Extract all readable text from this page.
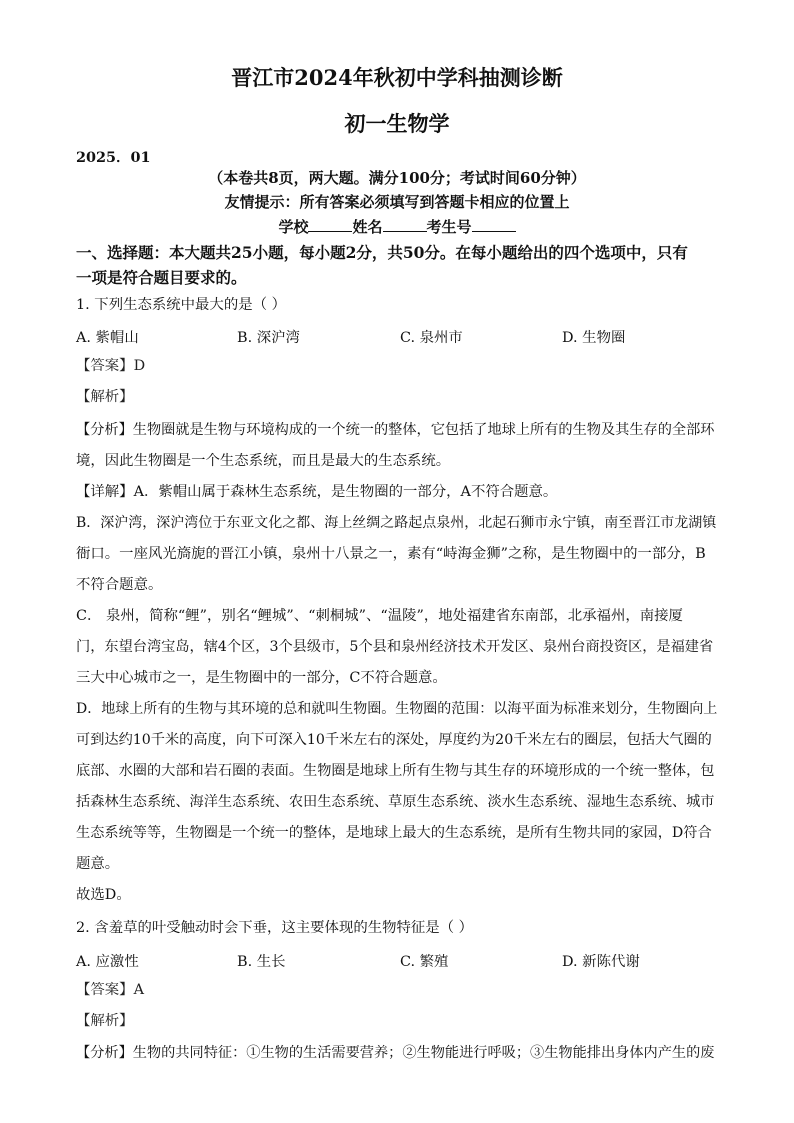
晋江市2024年秋初中学科抽测诊断
初一生物学
2025．01
（本卷共8页，两大题。满分100分；考试时间60分钟）
友情提示：所有答案必须填写到答题卡相应的位置上
学校	姓名	考生号
一、选择题：本大题共25小题，每小题2分，共50分。在每小题给出的四个选项中，只有
一项是符合题目要求的。
1. 下列生态系统中最大的是（ ）
A. 紫帽山	B. 深沪湾	C. 泉州市	D. 生物圈
【答案】D
【解析】
【分析】生物圈就是生物与环境构成的一个统一的整体，它包括了地球上所有的生物及其生存的全部环
境，因此生物圈是一个生态系统，而且是最大的生态系统。
【详解】A．紫帽山属于森林生态系统，是生物圈的一部分，A不符合题意。
B．深沪湾，深沪湾位于东亚文化之都、海上丝绸之路起点泉州，北起石狮市永宁镇，南至晋江市龙湖镇
衙口。一座风光旖旎的晋江小镇，泉州十八景之一，素有“峙海金狮”之称，是生物圈中的一部分，B
不符合题意。
C． 泉州，简称“鲤”，别名“鲤城”、“刺桐城”、“温陵”，地处福建省东南部，北承福州，南接厦
门，东望台湾宝岛，辖4个区，3个县级市，5个县和泉州经济技术开发区、泉州台商投资区，是福建省
三大中心城市之一，是生物圈中的一部分，C不符合题意。
D．地球上所有的生物与其环境的总和就叫生物圈。生物圈的范围：以海平面为标准来划分，生物圈向上
可到达约10千米的高度，向下可深入10千米左右的深处，厚度约为20千米左右的圈层，包括大气圈的
底部、水圈的大部和岩石圈的表面。生物圈是地球上所有生物与其生存的环境形成的一个统一整体，包
括森林生态系统、海洋生态系统、农田生态系统、草原生态系统、淡水生态系统、湿地生态系统、城市
生态系统等等，生物圈是一个统一的整体，是地球上最大的生态系统，是所有生物共同的家园，D符合
题意。
故选D。
2. 含羞草的叶受触动时会下垂，这主要体现的生物特征是（ ）
A. 应激性	B. 生长	C. 繁殖	D. 新陈代谢
【答案】A
【解析】
【分析】生物的共同特征：①生物的生活需要营养；②生物能进行呼吸；③生物能排出身体内产生的废
